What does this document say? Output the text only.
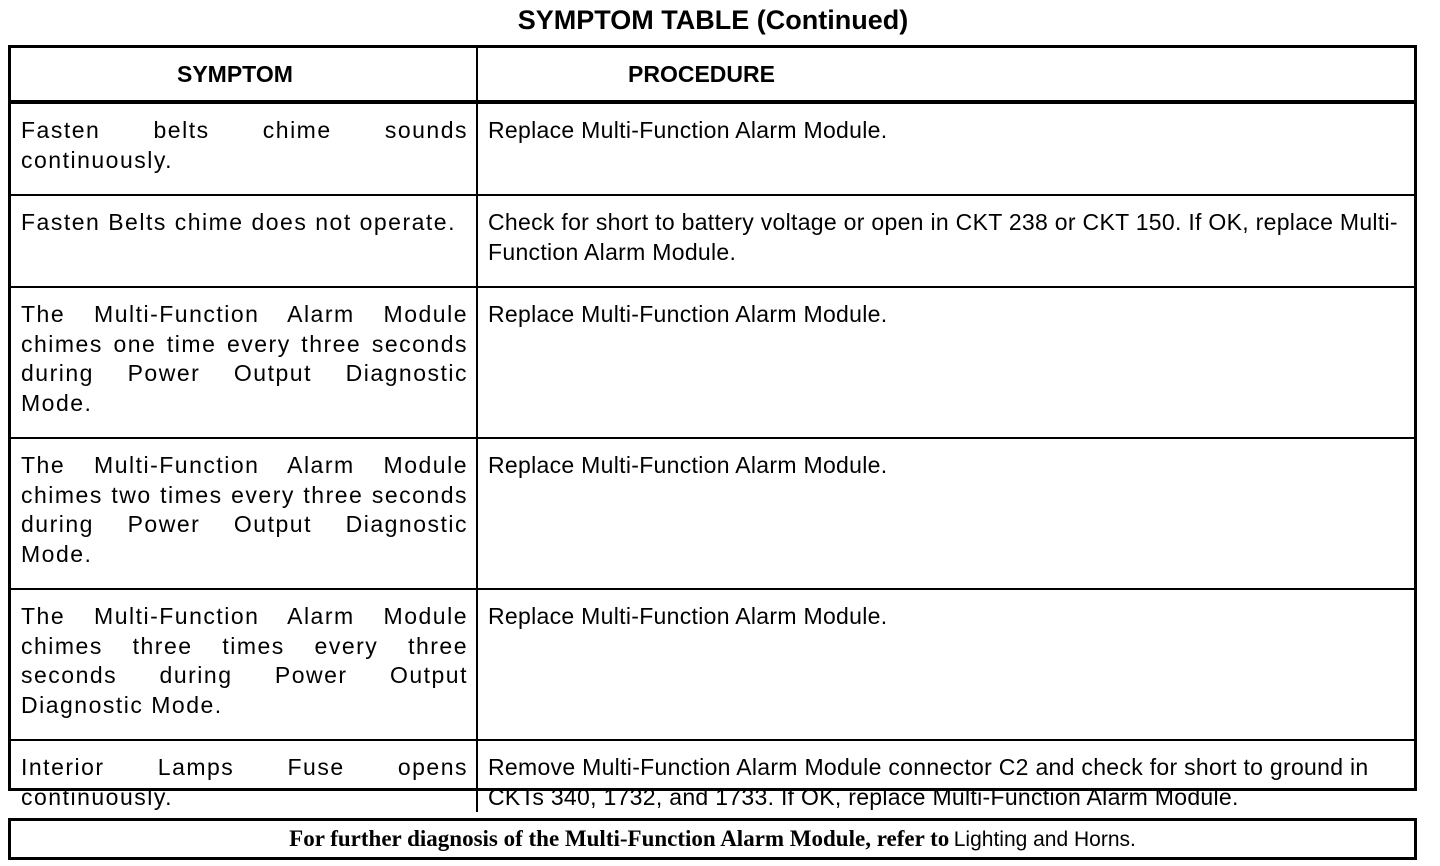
SYMPTOM TABLE (Continued)
SYMPTOM	PROCEDURE
Fasten belts chime sounds continuously.	Replace Multi-Function Alarm Module.
Fasten Belts chime does not operate.	Check for short to battery voltage or open in CKT 238 or CKT 150. If OK, replace Multi-Function Alarm Module.
The Multi-Function Alarm Module chimes one time every three seconds during Power Output Diagnostic Mode.	Replace Multi-Function Alarm Module.
The Multi-Function Alarm Module chimes two times every three seconds during Power Output Diagnostic Mode.	Replace Multi-Function Alarm Module.
The Multi-Function Alarm Module chimes three times every three seconds during Power Output Diagnostic Mode.	Replace Multi-Function Alarm Module.
Interior Lamps Fuse opens continuously.	Remove Multi-Function Alarm Module connector C2 and check for short to ground in CKTs 340, 1732, and 1733. If OK, replace Multi-Function Alarm Module.
For further diagnosis of the Multi-Function Alarm Module, refer to Lighting and Horns.
